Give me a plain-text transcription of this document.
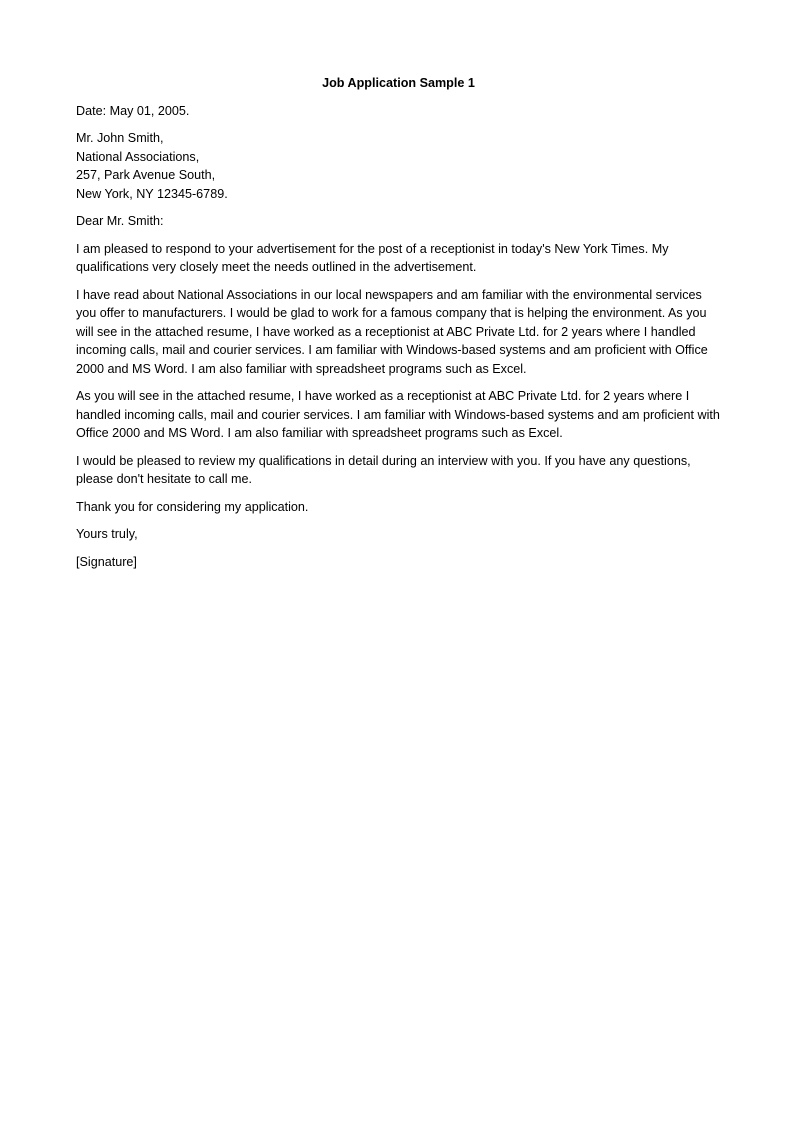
Job Application Sample 1

Date: May 01, 2005.

Mr. John Smith,
National Associations,
257, Park Avenue South,
New York, NY 12345-6789.

Dear Mr. Smith:

I am pleased to respond to your advertisement for the post of a receptionist in today's New York Times. My qualifications very closely meet the needs outlined in the advertisement.

I have read about National Associations in our local newspapers and am familiar with the environmental services you offer to manufacturers. I would be glad to work for a famous company that is helping the environment. As you will see in the attached resume, I have worked as a receptionist at ABC Private Ltd. for 2 years where I handled incoming calls, mail and courier services. I am familiar with Windows-based systems and am proficient with Office 2000 and MS Word. I am also familiar with spreadsheet programs such as Excel.

As you will see in the attached resume, I have worked as a receptionist at ABC Private Ltd. for 2 years where I handled incoming calls, mail and courier services. I am familiar with Windows-based systems and am proficient with Office 2000 and MS Word. I am also familiar with spreadsheet programs such as Excel.

I would be pleased to review my qualifications in detail during an interview with you. If you have any questions, please don't hesitate to call me.

Thank you for considering my application.

Yours truly,

[Signature]
